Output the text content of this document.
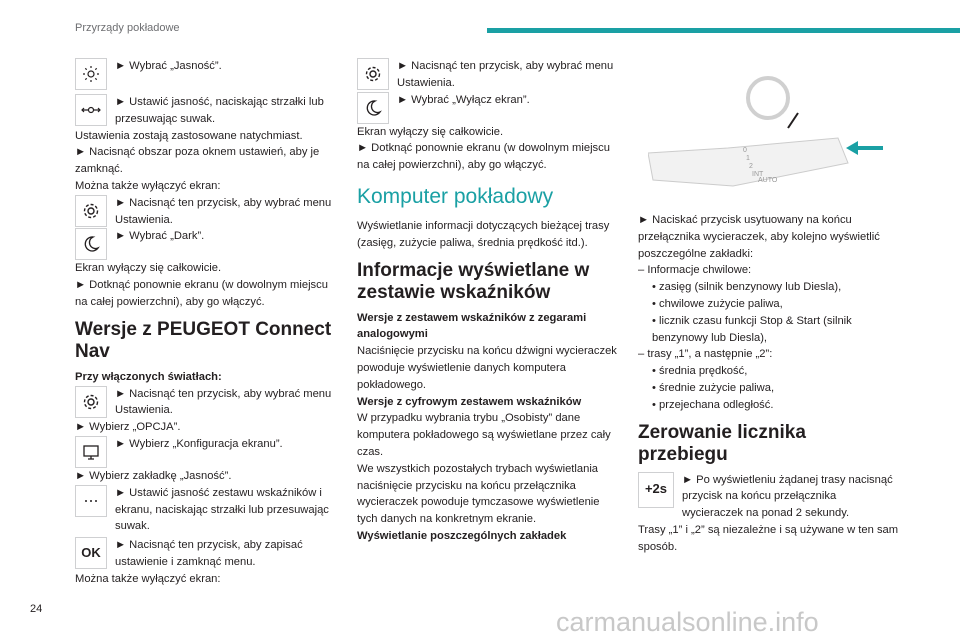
Przyrządy pokładowe

► Wybrać „Jasność”.

► Ustawić jasność, naciskając strzałki lub przesuwając suwak.

Ustawienia zostają zastosowane natychmiast.

► Nacisnąć obszar poza oknem ustawień, aby je zamknąć.

Można także wyłączyć ekran:

► Nacisnąć ten przycisk, aby wybrać menu Ustawienia.

► Wybrać „Dark”.

Ekran wyłączy się całkowicie.

► Dotknąć ponownie ekranu (w dowolnym miejscu na całej powierzchni), aby go włączyć.

Wersje z PEUGEOT Connect Nav

Przy włączonych światłach:

► Nacisnąć ten przycisk, aby wybrać menu Ustawienia.

► Wybierz „OPCJA”.

► Wybierz „Konfiguracja ekranu”.

► Wybierz zakładkę „Jasność”.

► Ustawić jasność zestawu wskaźników i ekranu, naciskając strzałki lub przesuwając suwak.

OK	► Nacisnąć ten przycisk, aby zapisać ustawienie i zamknąć menu.

Można także wyłączyć ekran:

► Nacisnąć ten przycisk, aby wybrać menu Ustawienia.

► Wybrać „Wyłącz ekran”.

Ekran wyłączy się całkowicie.

► Dotknąć ponownie ekranu (w dowolnym miejscu na całej powierzchni), aby go włączyć.

Komputer pokładowy

Wyświetlanie informacji dotyczących bieżącej trasy (zasięg, zużycie paliwa, średnia prędkość itd.).

Informacje wyświetlane w zestawie wskaźników

Wersje z zestawem wskaźników z zegarami analogowymi

Naciśnięcie przycisku na końcu dźwigni wycieraczek powoduje wyświetlenie danych komputera pokładowego.

Wersje z cyfrowym zestawem wskaźników

W przypadku wybrania trybu „Osobisty” dane komputera pokładowego są wyświetlane przez cały czas.

We wszystkich pozostałych trybach wyświetlania naciśnięcie przycisku na końcu przełącznika wycieraczek powoduje tymczasowe wyświetlenie tych danych na konkretnym ekranie.

Wyświetlanie poszczególnych zakładek

0
1
2
INT
AUTO

► Naciskać przycisk usytuowany na końcu przełącznika wycieraczek, aby kolejno wyświetlić poszczególne zakładki:

– Informacje chwilowe:

• zasięg (silnik benzynowy lub Diesla),

• chwilowe zużycie paliwa,

• licznik czasu funkcji Stop & Start (silnik benzynowy lub Diesla),

– trasy „1”, a następnie „2”:

• średnia prędkość,

• średnie zużycie paliwa,

• przejechana odległość.

Zerowanie licznika przebiegu
+2s

► Po wyświetleniu żądanej trasy nacisnąć przycisk na końcu przełącznika wycieraczek na ponad 2 sekundy.

Trasy „1” i „2” są niezależne i są używane w ten sam sposób.

24	carmanualsonline.info
